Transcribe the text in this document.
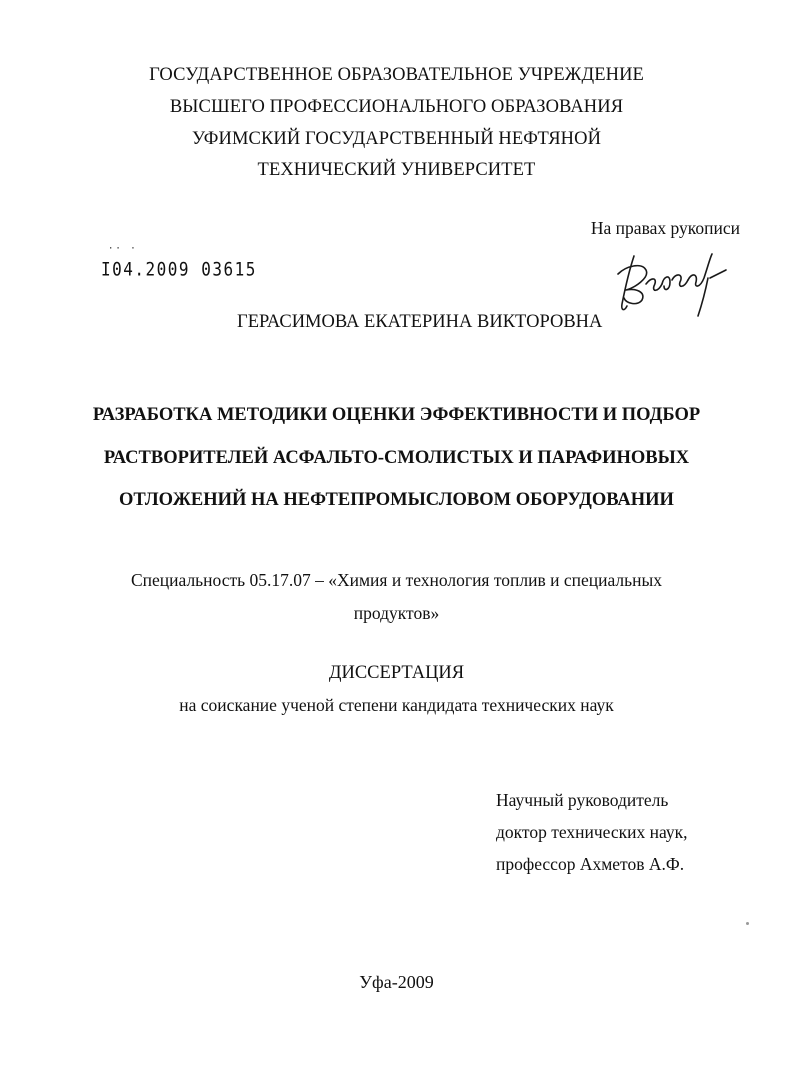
ГОСУДАРСТВЕННОЕ ОБРАЗОВАТЕЛЬНОЕ УЧРЕЖДЕНИЕ
ВЫСШЕГО ПРОФЕССИОНАЛЬНОГО ОБРАЗОВАНИЯ
УФИМСКИЙ ГОСУДАРСТВЕННЫЙ НЕФТЯНОЙ
ТЕХНИЧЕСКИЙ УНИВЕРСИТЕТ
На правах рукописи
·· ·
I04.2009 03615
ГЕРАСИМОВА ЕКАТЕРИНА ВИКТОРОВНА
РАЗРАБОТКА МЕТОДИКИ ОЦЕНКИ ЭФФЕКТИВНОСТИ И ПОДБОР
РАСТВОРИТЕЛЕЙ АСФАЛЬТО-СМОЛИСТЫХ И ПАРАФИНОВЫХ
ОТЛОЖЕНИЙ НА НЕФТЕПРОМЫСЛОВОМ ОБОРУДОВАНИИ
Специальность 05.17.07 – «Химия и технология топлив и специальных
продуктов»
ДИССЕРТАЦИЯ
на соискание ученой степени кандидата технических наук
Научный руководитель
доктор технических наук,
профессор Ахметов А.Ф.
Уфа-2009
